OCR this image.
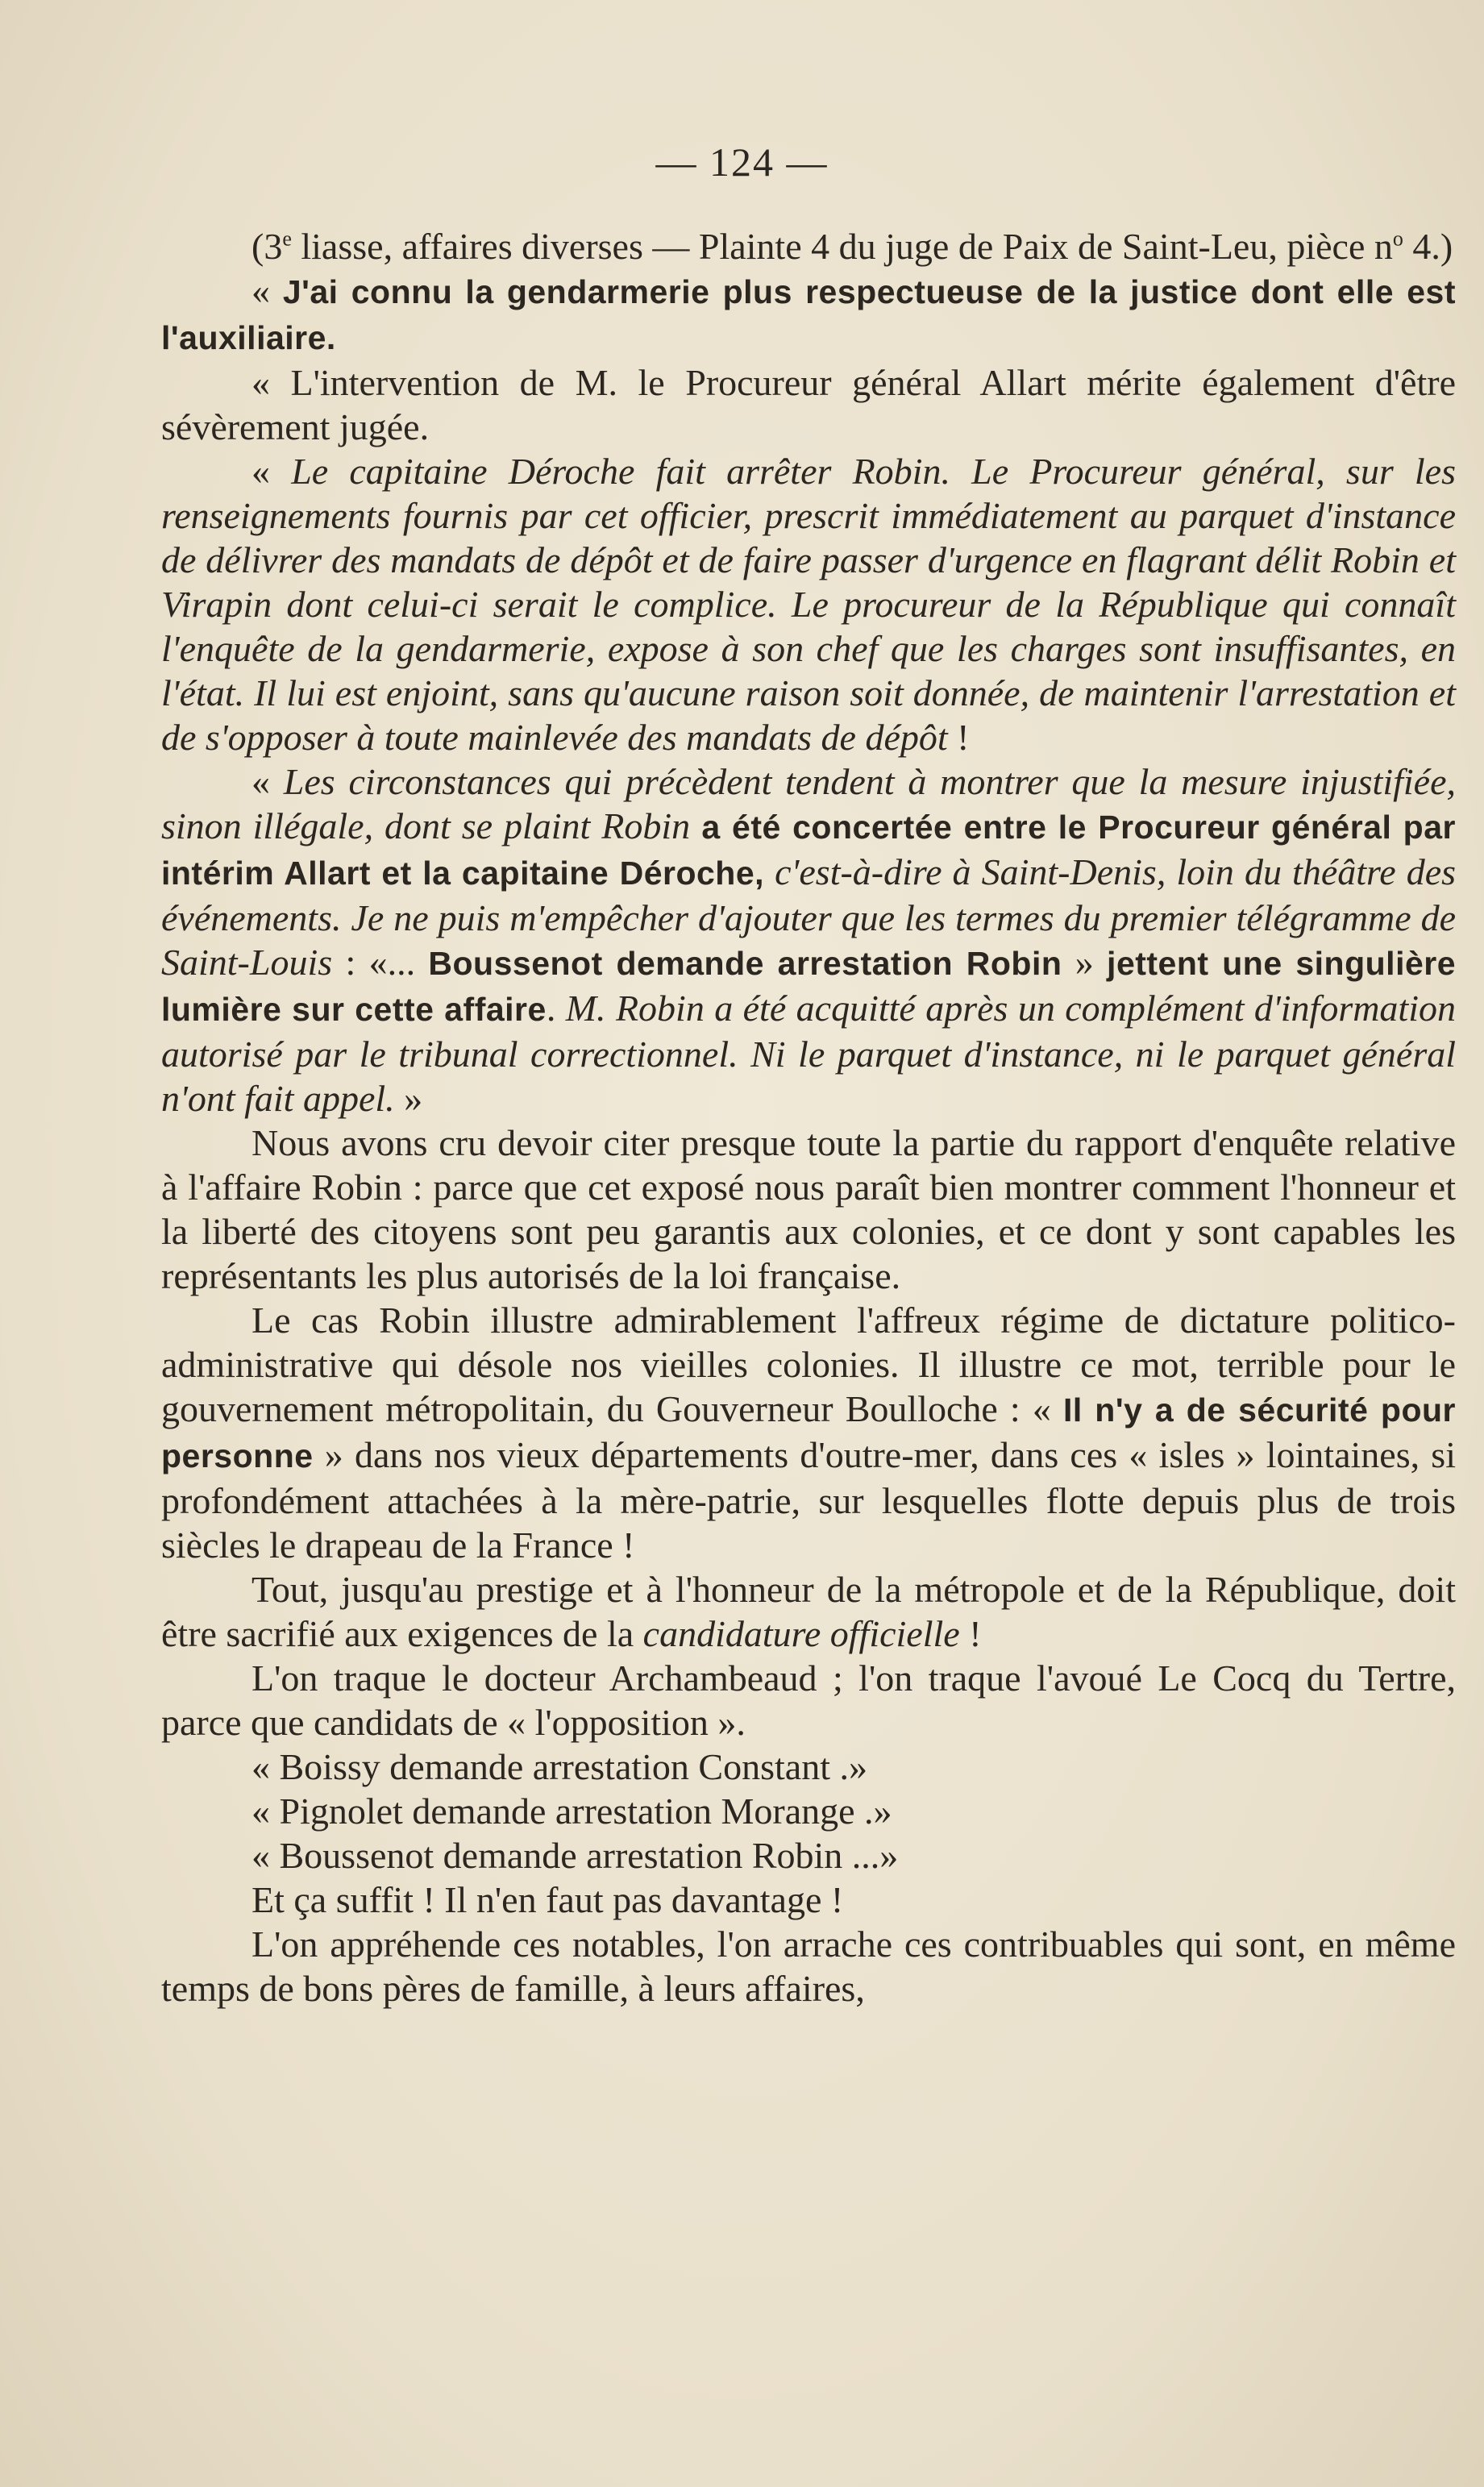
— 124 —

(3e liasse, affaires diverses — Plainte 4 du juge de Paix de Saint-Leu, pièce $n^o$ 4.)

« J'ai connu la gendarmerie plus respectueuse de la justice dont elle est l'auxiliaire.

« L'intervention de M. le Procureur général Allart mérite également d'être sévèrement jugée.

« Le capitaine Déroche fait arrêter Robin. Le Procureur général, sur les renseignements fournis par cet officier, prescrit immédiatement au parquet d'instance de délivrer des mandats de dépôt et de faire passer d'urgence en flagrant délit Robin et Virapin dont celui-ci serait le complice. Le procureur de la République qui connaît l'enquête de la gendarmerie, expose à son chef que les charges sont insuffisantes, en l'état. Il lui est enjoint, sans qu'aucune raison soit donnée, de maintenir l'arrestation et de s'opposer à toute mainlevée des mandats de dépôt !

« Les circonstances qui précèdent tendent à montrer que la mesure injustifiée, sinon illégale, dont se plaint Robin a été concertée entre le Procureur général par intérim Allart et la capitaine Déroche, c'est-à-dire à Saint-Denis, loin du théâtre des événements. Je ne puis m'empêcher d'ajouter que les termes du premier télégramme de Saint-Louis : «... Boussenot demande arrestation Robin » jettent une singulière lumière sur cette affaire. M. Robin a été acquitté après un complément d'information autorisé par le tribunal correctionnel. Ni le parquet d'instance, ni le parquet général n'ont fait appel. »

Nous avons cru devoir citer presque toute la partie du rapport d'enquête relative à l'affaire Robin : parce que cet exposé nous paraît bien montrer comment l'honneur et la liberté des citoyens sont peu garantis aux colonies, et ce dont y sont capables les représentants les plus autorisés de la loi française.

Le cas Robin illustre admirablement l'affreux régime de dictature politico-administrative qui désole nos vieilles colonies. Il illustre ce mot, terrible pour le gouvernement métropolitain, du Gouverneur Boulloche : « Il n'y a de sécurité pour personne » dans nos vieux départements d'outre-mer, dans ces « isles » lointaines, si profondément attachées à la mère-patrie, sur lesquelles flotte depuis plus de trois siècles le drapeau de la France !

Tout, jusqu'au prestige et à l'honneur de la métropole et de la République, doit être sacrifié aux exigences de la candidature officielle !

L'on traque le docteur Archambeaud ; l'on traque l'avoué Le Cocq du Tertre, parce que candidats de « l'opposition ».

« Boissy demande arrestation Constant .»

« Pignolet demande arrestation Morange .»

« Boussenot demande arrestation Robin ...»

Et ça suffit ! Il n'en faut pas davantage !

L'on appréhende ces notables, l'on arrache ces contribuables qui sont, en même temps de bons pères de famille, à leurs affaires,
